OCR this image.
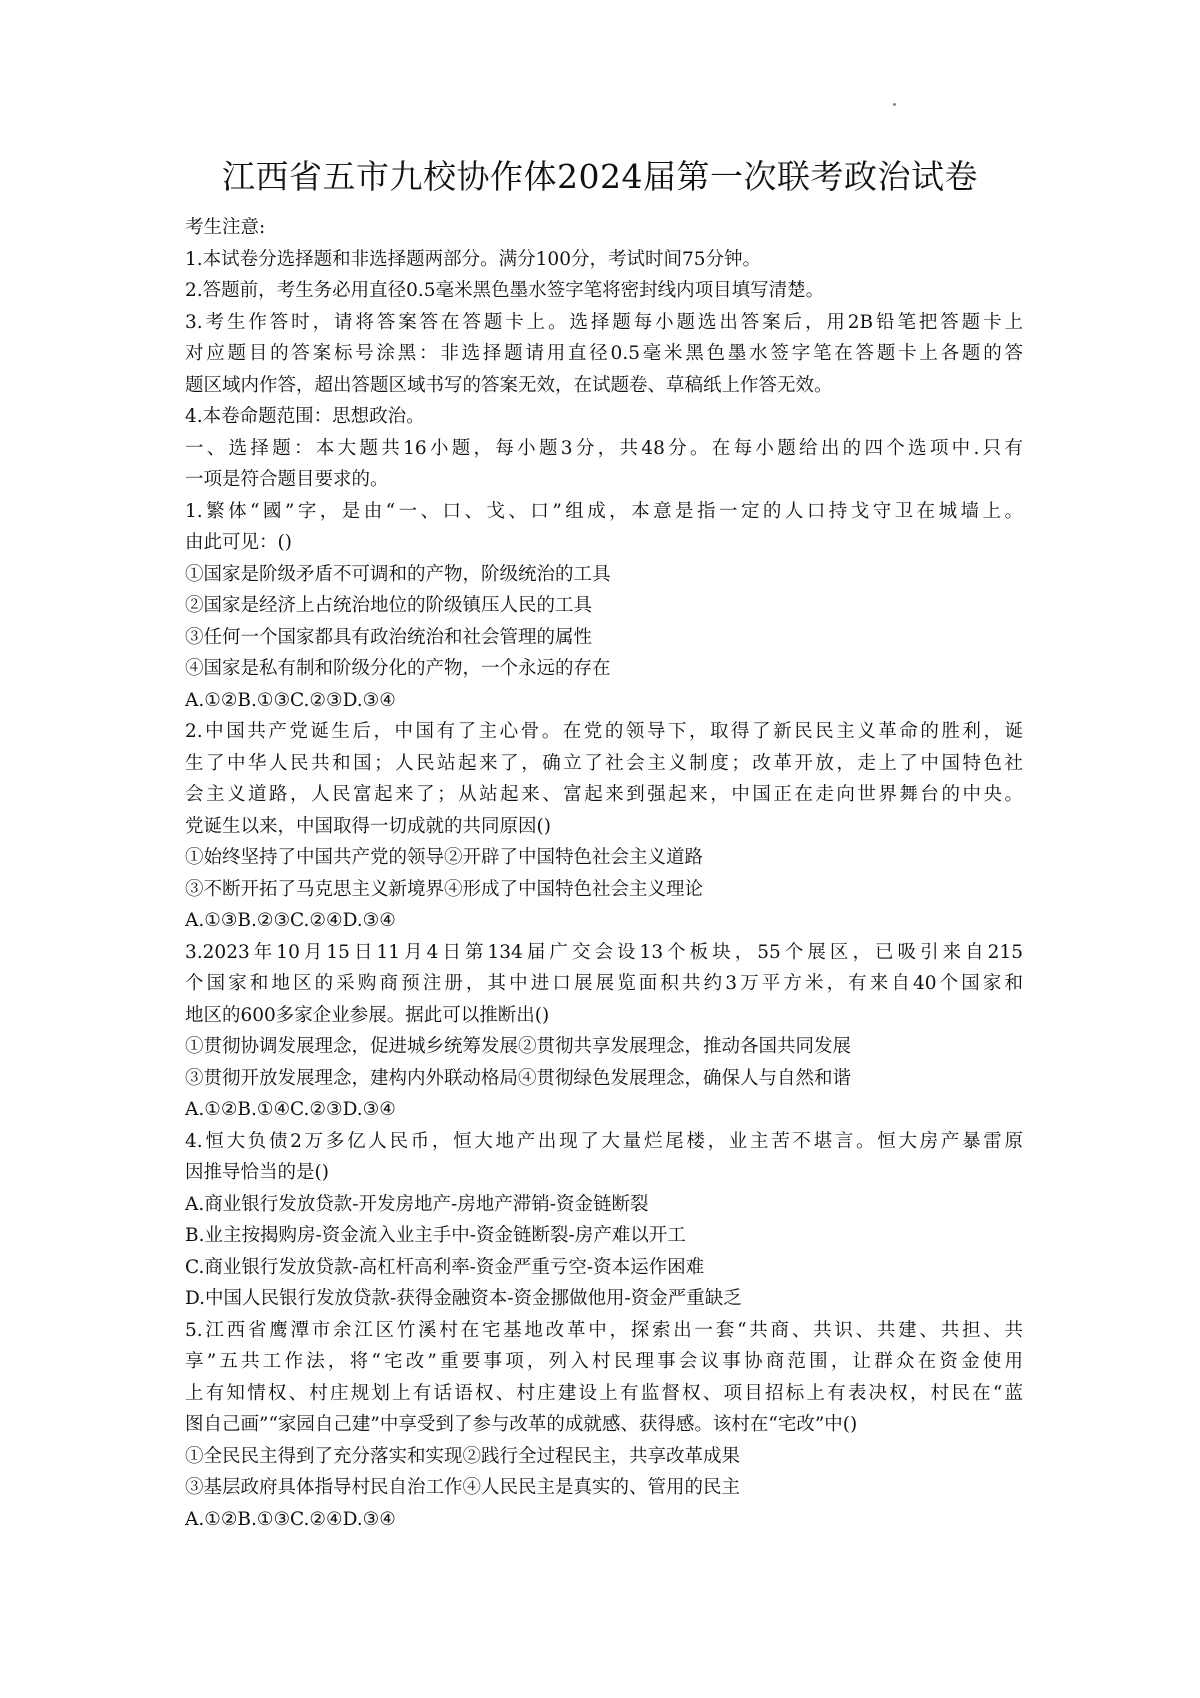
江西省五市九校协作体2024届第一次联考政治试卷
考生注意:
1.本试卷分选择题和非选择题两部分。满分100分，考试时间75分钟。
2.答题前，考生务必用直径0.5毫米黑色墨水签字笔将密封线内项目填写清楚。
3.考生作答时，请将答案答在答题卡上。选择题每小题选出答案后，用2B铅笔把答题卡上
对应题目的答案标号涂黑：非选择题请用直径0.5毫米黑色墨水签字笔在答题卡上各题的答
题区域内作答，超出答题区域书写的答案无效，在试题卷、草稿纸上作答无效。
4.本卷命题范围：思想政治。
一、选择题：本大题共16小题，每小题3分，共48分。在每小题给出的四个选项中.只有
一项是符合题目要求的。
1.繁体“國”字，是由“一、口、戈、口”组成，本意是指一定的人口持戈守卫在城墙上。
由此可见：()
①国家是阶级矛盾不可调和的产物，阶级统治的工具
②国家是经济上占统治地位的阶级镇压人民的工具
③任何一个国家都具有政治统治和社会管理的属性
④国家是私有制和阶级分化的产物，一个永远的存在
A.①②B.①③C.②③D.③④
2.中国共产党诞生后，中国有了主心骨。在党的领导下，取得了新民民主义革命的胜利，诞
生了中华人民共和国；人民站起来了，确立了社会主义制度；改革开放，走上了中国特色社
会主义道路，人民富起来了；从站起来、富起来到强起来，中国正在走向世界舞台的中央。
党诞生以来，中国取得一切成就的共同原因()
①始终坚持了中国共产党的领导②开辟了中国特色社会主义道路
③不断开拓了马克思主义新境界④形成了中国特色社会主义理论
A.①③B.②③C.②④D.③④
3.2023年10月15日11月4日第134届广交会设13个板块，55个展区，已吸引来自215
个国家和地区的采购商预注册，其中进口展展览面积共约3万平方米，有来自40个国家和
地区的600多家企业参展。据此可以推断出()
①贯彻协调发展理念，促进城乡统筹发展②贯彻共享发展理念，推动各国共同发展
③贯彻开放发展理念，建构内外联动格局④贯彻绿色发展理念，确保人与自然和谐
A.①②B.①④C.②③D.③④
4.恒大负债2万多亿人民币，恒大地产出现了大量烂尾楼，业主苦不堪言。恒大房产暴雷原
因推导恰当的是()
A.商业银行发放贷款-开发房地产-房地产滞销-资金链断裂
B.业主按揭购房-资金流入业主手中-资金链断裂-房产难以开工
C.商业银行发放贷款-高杠杆高利率-资金严重亏空-资本运作困难
D.中国人民银行发放贷款-获得金融资本-资金挪做他用-资金严重缺乏
5.江西省鹰潭市余江区竹溪村在宅基地改革中，探索出一套“共商、共识、共建、共担、共
享”五共工作法，将“宅改”重要事项，列入村民理事会议事协商范围，让群众在资金使用
上有知情权、村庄规划上有话语权、村庄建设上有监督权、项目招标上有表决权，村民在“蓝
图自己画”“家园自己建”中享受到了参与改革的成就感、获得感。该村在“宅改”中()
①全民民主得到了充分落实和实现②践行全过程民主，共享改革成果
③基层政府具体指导村民自治工作④人民民主是真实的、管用的民主
A.①②B.①③C.②④D.③④
